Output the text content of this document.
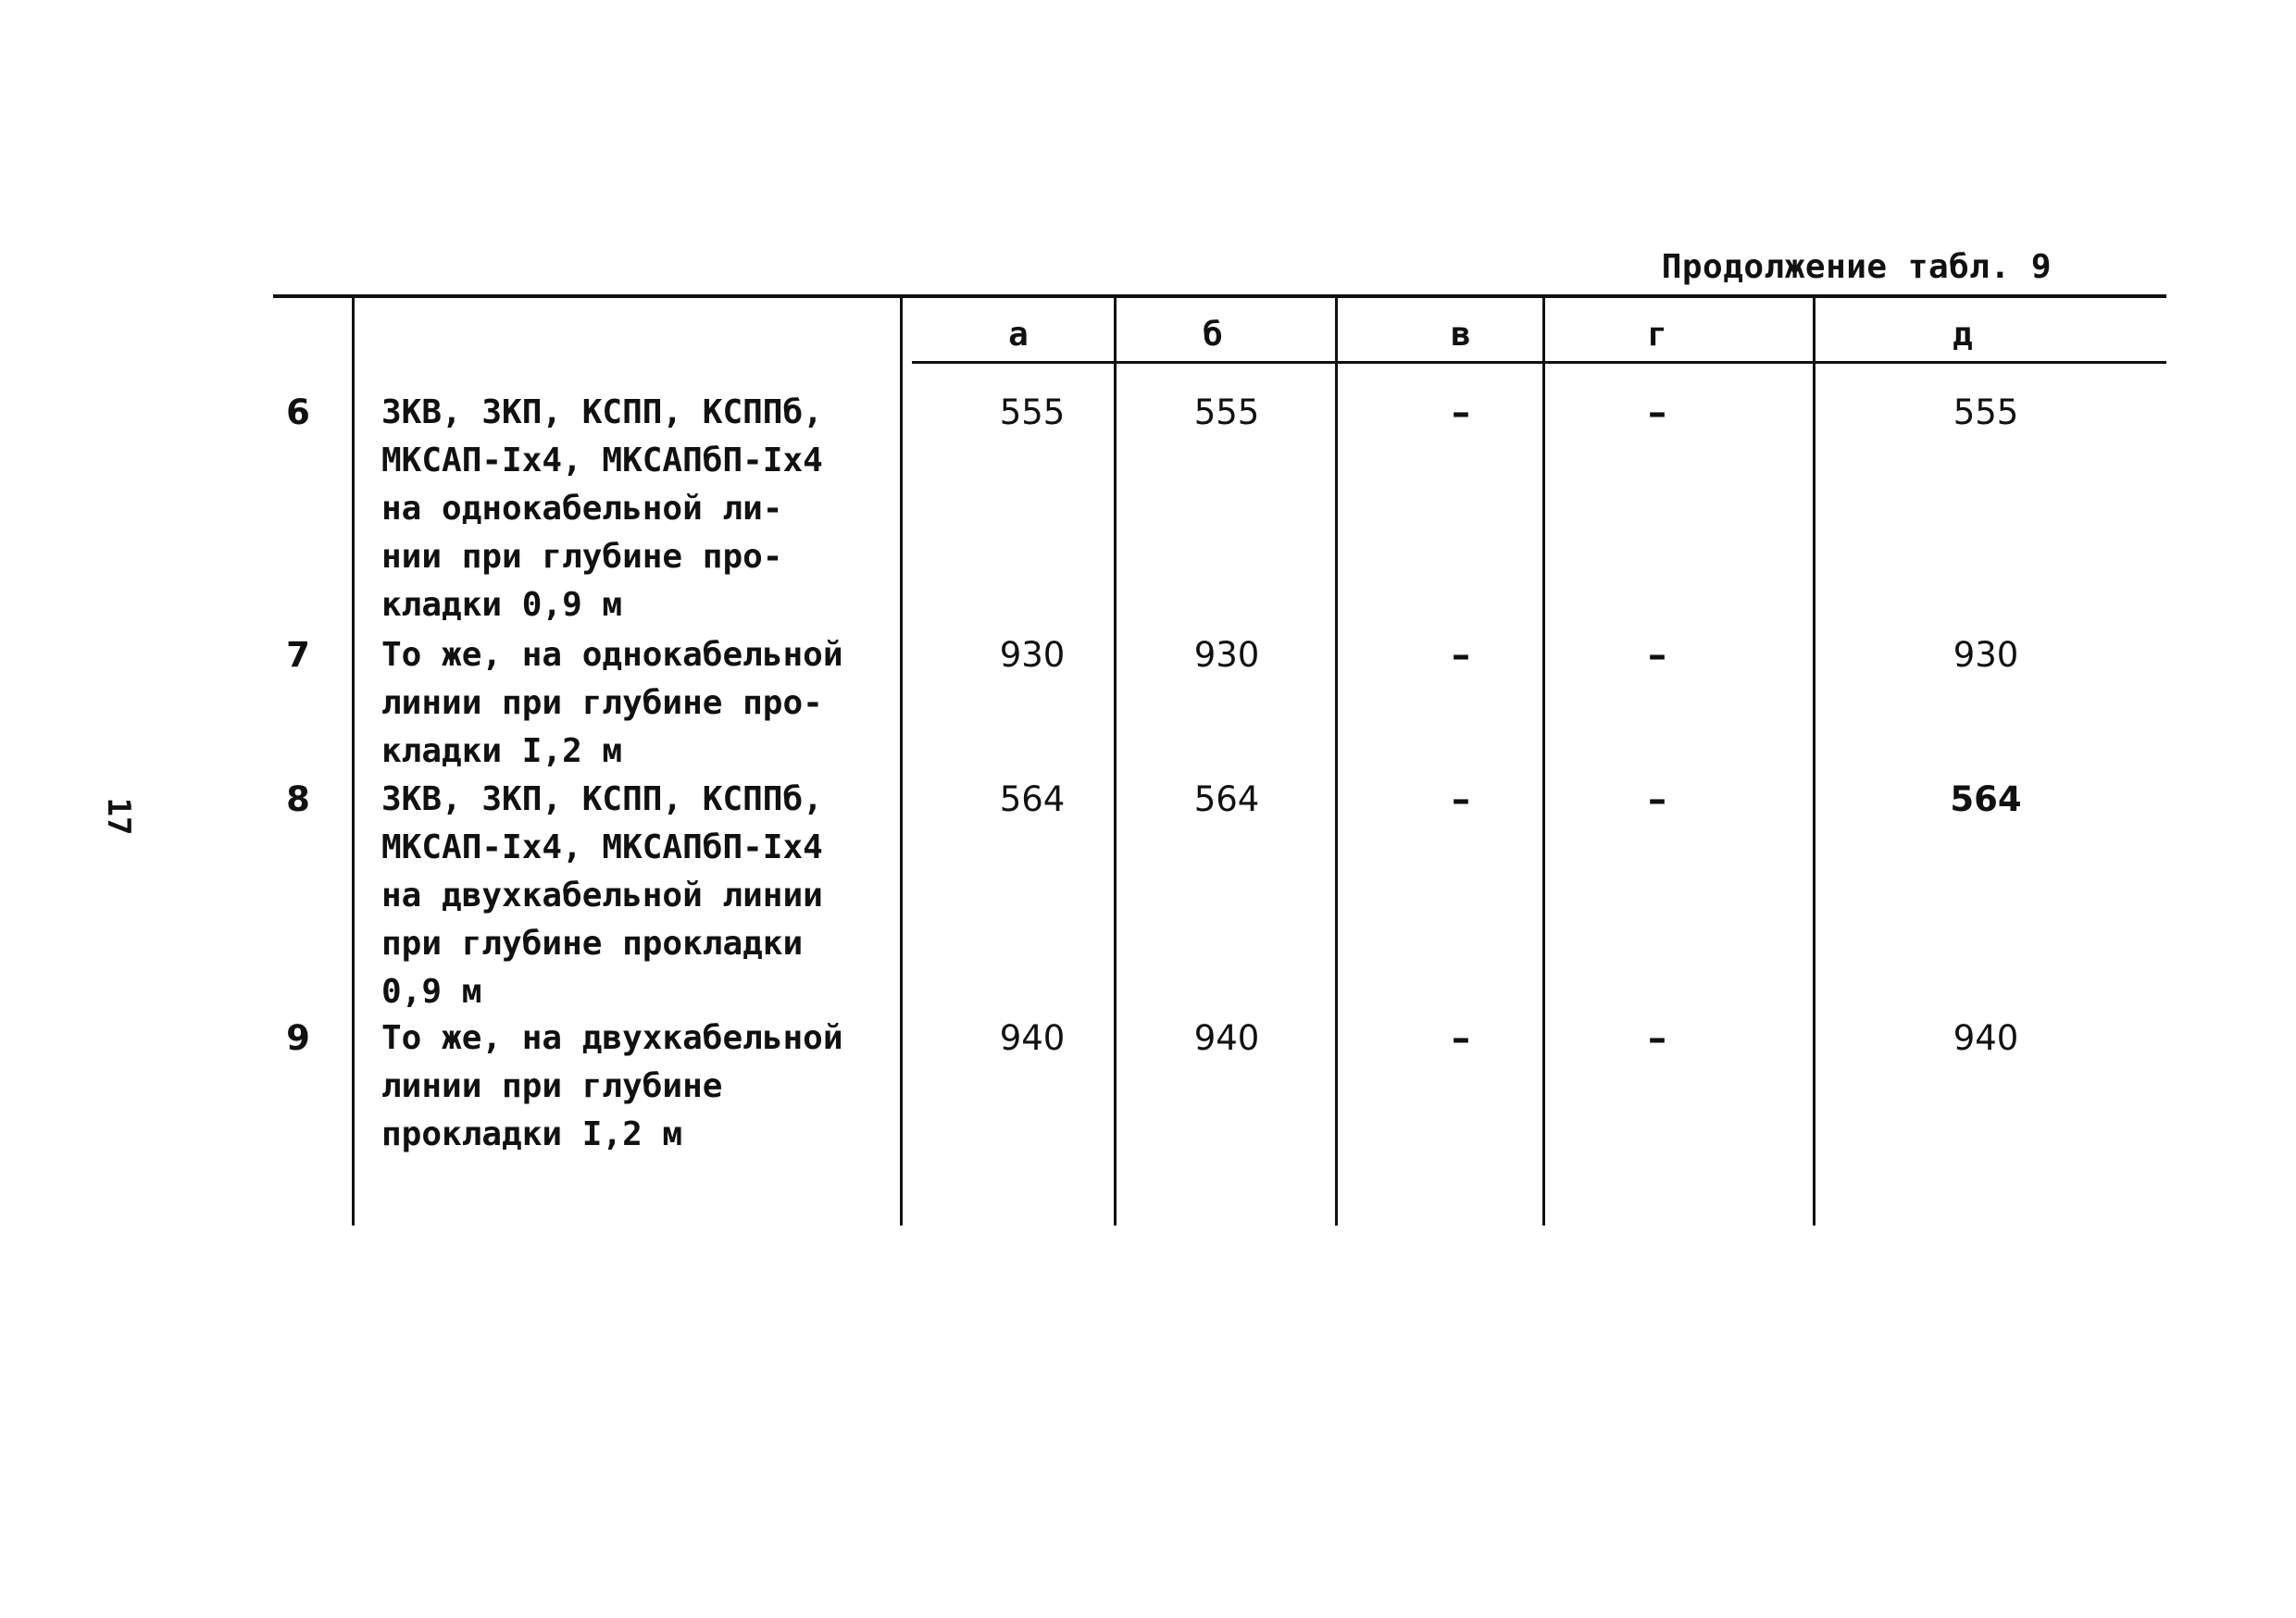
Продолжение табл. 9
17
а	б	в	г	д
6	ЗКВ, ЗКП, КСПП, КСППб,
МКСАП-Iх4, МКСАПбП-Iх4
на однокабельной ли-
нии при глубине про-
кладки 0,9 м
555	555	–	–	555
7	То же, на однокабельной
линии при глубине про-
кладки I,2 м
930	930	–	–	930
8	ЗКВ, ЗКП, КСПП, КСППб,
МКСАП-Iх4, МКСАПбП-Iх4
на двухкабельной линии
при глубине прокладки
0,9 м
564	564	–	–	564
9	То же, на двухкабельной
линии при глубине
прокладки I,2 м
940	940	–	–	940
